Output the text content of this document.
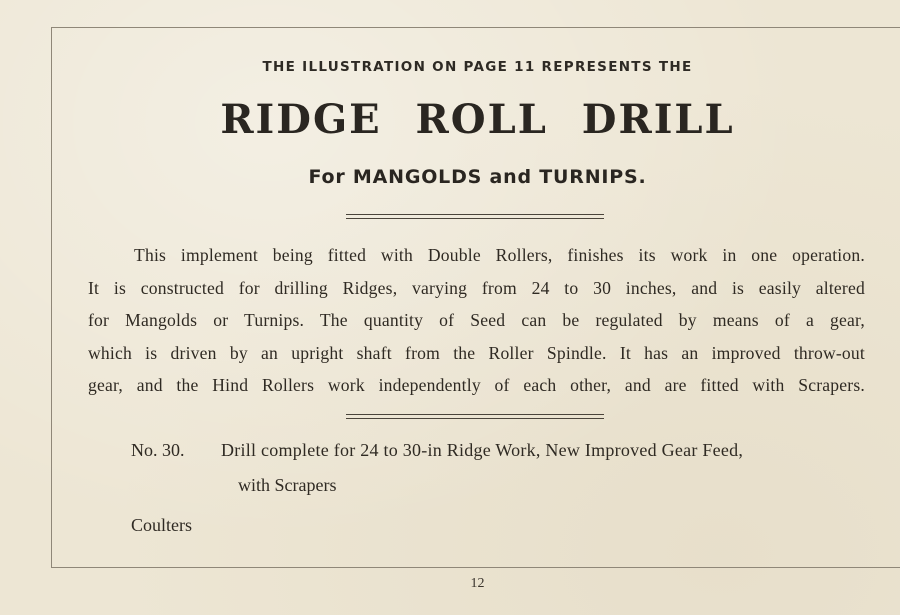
THE ILLUSTRATION ON PAGE 11 REPRESENTS THE
RIDGE ROLL DRILL
For MANGOLDS and TURNIPS.
This implement being fitted with Double Rollers, finishes its work in one operation.
It is constructed for drilling Ridges, varying from 24 to 30 inches, and is easily altered
for Mangolds or Turnips. The quantity of Seed can be regulated by means of a gear,
which is driven by an upright shaft from the Roller Spindle. It has an improved throw-out
gear, and the Hind Rollers work independently of each other, and are fitted with Scrapers.
No. 30. Drill complete for 24 to 30-in Ridge Work, New Improved Gear Feed,
with Scrapers
Coulters
12
